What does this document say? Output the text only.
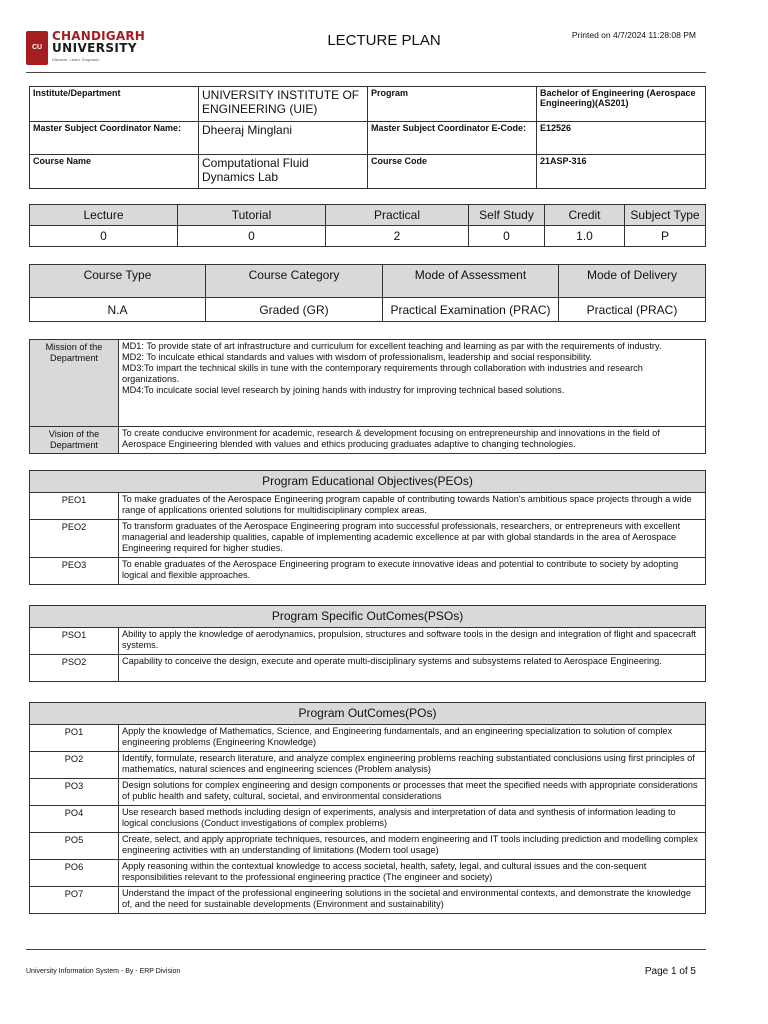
CU
CHANDIGARH
UNIVERSITY
Discover. Learn. Empower.
LECTURE PLAN	Printed on 4/7/2024 11:28:08 PM
Institute/Department	UNIVERSITY INSTITUTE OF ENGINEERING (UIE)	Program	Bachelor of Engineering (Aerospace Engineering)(AS201)
Master Subject Coordinator Name:	Dheeraj Minglani	Master Subject Coordinator E-Code:	E12526
Course Name	Computational Fluid Dynamics Lab	Course Code	21ASP-316
Lecture	Tutorial	Practical	Self Study	Credit	Subject Type
0	0	2	0	1.0	P
Course Type	Course Category	Mode of Assessment	Mode of Delivery
N.A	Graded (GR)	Practical Examination (PRAC)	Practical (PRAC)
Mission of the Department	MD1: To provide state of art infrastructure and curriculum for excellent teaching and learning as par with the requirements of industry.
MD2: To inculcate ethical standards and values with wisdom of professionalism, leadership and social responsibility.
MD3:To impart the technical skills in tune with the contemporary requirements through collaboration with industries and research organizations.
MD4:To inculcate social level research by joining hands with industry for improving technical based solutions.

Vision of the Department	To create conducive environment for academic, research & development focusing on entrepreneurship and innovations in the field of Aerospace Engineering blended with values and ethics producing graduates adaptive to changing technologies.
Program Educational Objectives(PEOs)	
PEO1	To make graduates of the Aerospace Engineering program capable of contributing towards Nation's ambitious space projects through a wide range of applications oriented solutions for multidisciplinary complex areas.
PEO2	To transform graduates of the Aerospace Engineering program into successful professionals, researchers, or entrepreneurs with excellent managerial and leadership qualities, capable of implementing academic excellence at par with global standards in the area of Aerospace Engineering required for higher studies.
PEO3	To enable graduates of the Aerospace Engineering program to execute innovative ideas and potential to contribute to society by adopting logical and flexible approaches.
Program Specific OutComes(PSOs)	
PSO1	Ability to apply the knowledge of aerodynamics, propulsion, structures and software tools in the design and integration of flight and spacecraft systems.
PSO2	Capability to conceive the design, execute and operate multi-disciplinary systems and subsystems related to Aerospace Engineering.
Program OutComes(POs)	
PO1	Apply the knowledge of Mathematics, Science, and Engineering fundamentals, and an engineering specialization to solution of complex engineering problems (Engineering Knowledge)
PO2	Identify, formulate, research literature, and analyze complex engineering problems reaching substantiated conclusions using first principles of mathematics, natural sciences and engineering sciences (Problem analysis)
PO3	Design solutions for complex engineering and design components or processes that meet the specified needs with appropriate considerations of public health and safety, cultural, societal, and environmental considerations
PO4	Use research based methods including design of experiments, analysis and interpretation of data and synthesis of information leading to logical conclusions (Conduct investigations of complex problems)
PO5	Create, select, and apply appropriate techniques, resources, and modern engineering and IT tools including prediction and modelling complex engineering activities with an understanding of limitations (Modern tool usage)
PO6	Apply reasoning within the contextual knowledge to access societal, health, safety, legal, and cultural issues and the con-sequent responsibilities relevant to the professional engineering practice (The engineer and society)
PO7	Understand the impact of the professional engineering solutions in the societal and environmental contexts, and demonstrate the knowledge of, and the need for sustainable developments (Environment and sustainability)
University Information System - By - ERP Division	Page 1 of 5
